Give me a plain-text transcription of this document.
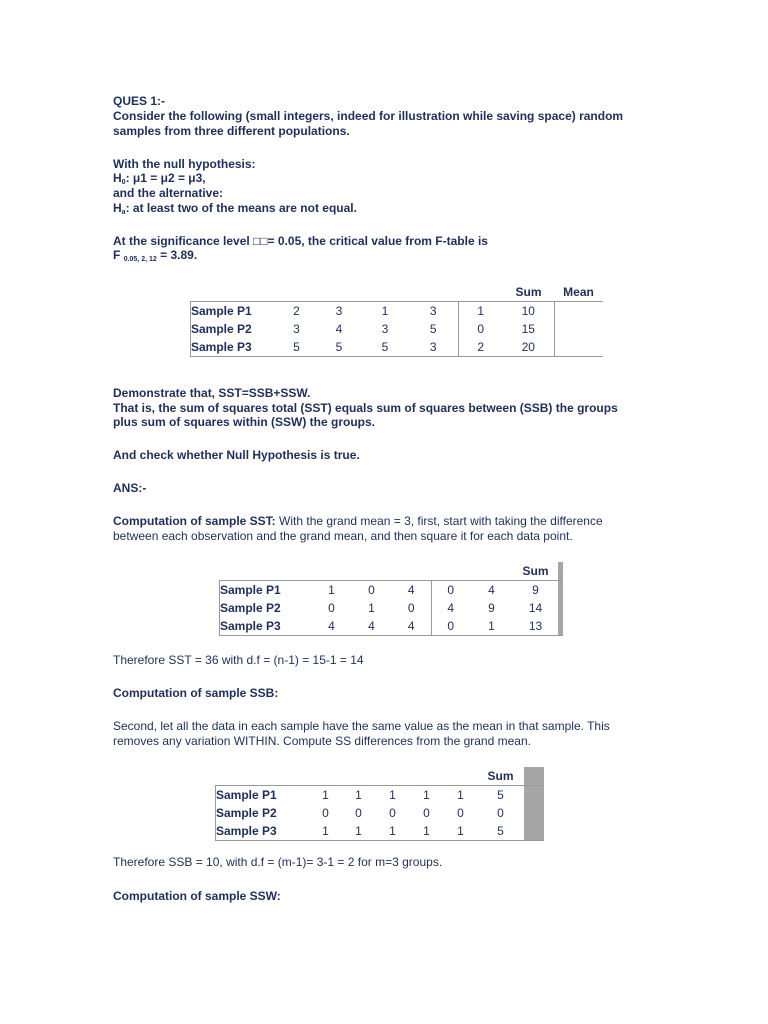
QUES 1:-
Consider the following (small integers, indeed for illustration while saving space) random
samples from three different populations.
With the null hypothesis:
$H_0$: μ1 = μ2 = μ3,
and the alternative:
$H_a$: at least two of the means are not equal.
At the significance level □□= 0.05, the critical value from F-table is
F $_{0.05, 2, 12}$ = 3.89.
						Sum	Mean
Sample P1	2	3	1	3	1	10	
Sample P2	3	4	3	5	0	15	
Sample P3	5	5	5	3	2	20	
Demonstrate that, SST=SSB+SSW.
That is, the sum of squares total (SST) equals sum of squares between (SSB) the groups
plus sum of squares within (SSW) the groups.
And check whether Null Hypothesis is true.
ANS:-
Computation of sample SST: With the grand mean = 3, first, start with taking the difference
between each observation and the grand mean, and then square it for each data point.
						Sum	
Sample P1	1	0	4	0	4	9	
Sample P2	0	1	0	4	9	14	
Sample P3	4	4	4	0	1	13	
Therefore SST = 36 with d.f = (n-1) = 15-1 = 14
Computation of sample SSB:
Second, let all the data in each sample have the same value as the mean in that sample. This
removes any variation WITHIN. Compute SS differences from the grand mean.
						Sum	
Sample P1	1	1	1	1	1	5	
Sample P2	0	0	0	0	0	0	
Sample P3	1	1	1	1	1	5	
Therefore SSB = 10, with d.f = (m-1)= 3-1 = 2 for m=3 groups.
Computation of sample SSW:
